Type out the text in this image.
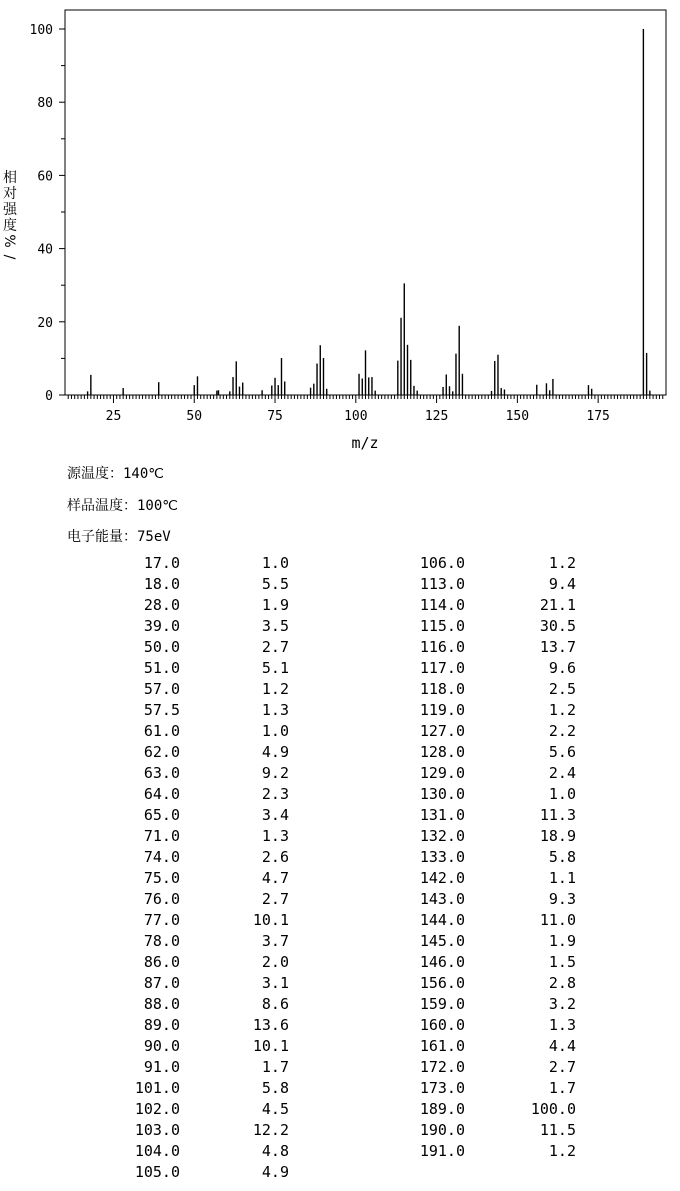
相
对
强
度
%
/
25	50	75	100	125	150	175
0
20
40
60
80
100
m/z
源温度：140℃
样品温度：100℃
电子能量：75eV
17.0	1.0
18.0	5.5
28.0	1.9
39.0	3.5
50.0	2.7
51.0	5.1
57.0	1.2
57.5	1.3
61.0	1.0
62.0	4.9
63.0	9.2
64.0	2.3
65.0	3.4
71.0	1.3
74.0	2.6
75.0	4.7
76.0	2.7
77.0	10.1
78.0	3.7
86.0	2.0
87.0	3.1
88.0	8.6
89.0	13.6
90.0	10.1
91.0	1.7
101.0	5.8
102.0	4.5
103.0	12.2
104.0	4.8
105.0	4.9
106.0	1.2
113.0	9.4
114.0	21.1
115.0	30.5
116.0	13.7
117.0	9.6
118.0	2.5
119.0	1.2
127.0	2.2
128.0	5.6
129.0	2.4
130.0	1.0
131.0	11.3
132.0	18.9
133.0	5.8
142.0	1.1
143.0	9.3
144.0	11.0
145.0	1.9
146.0	1.5
156.0	2.8
159.0	3.2
160.0	1.3
161.0	4.4
172.0	2.7
173.0	1.7
189.0	100.0
190.0	11.5
191.0	1.2
